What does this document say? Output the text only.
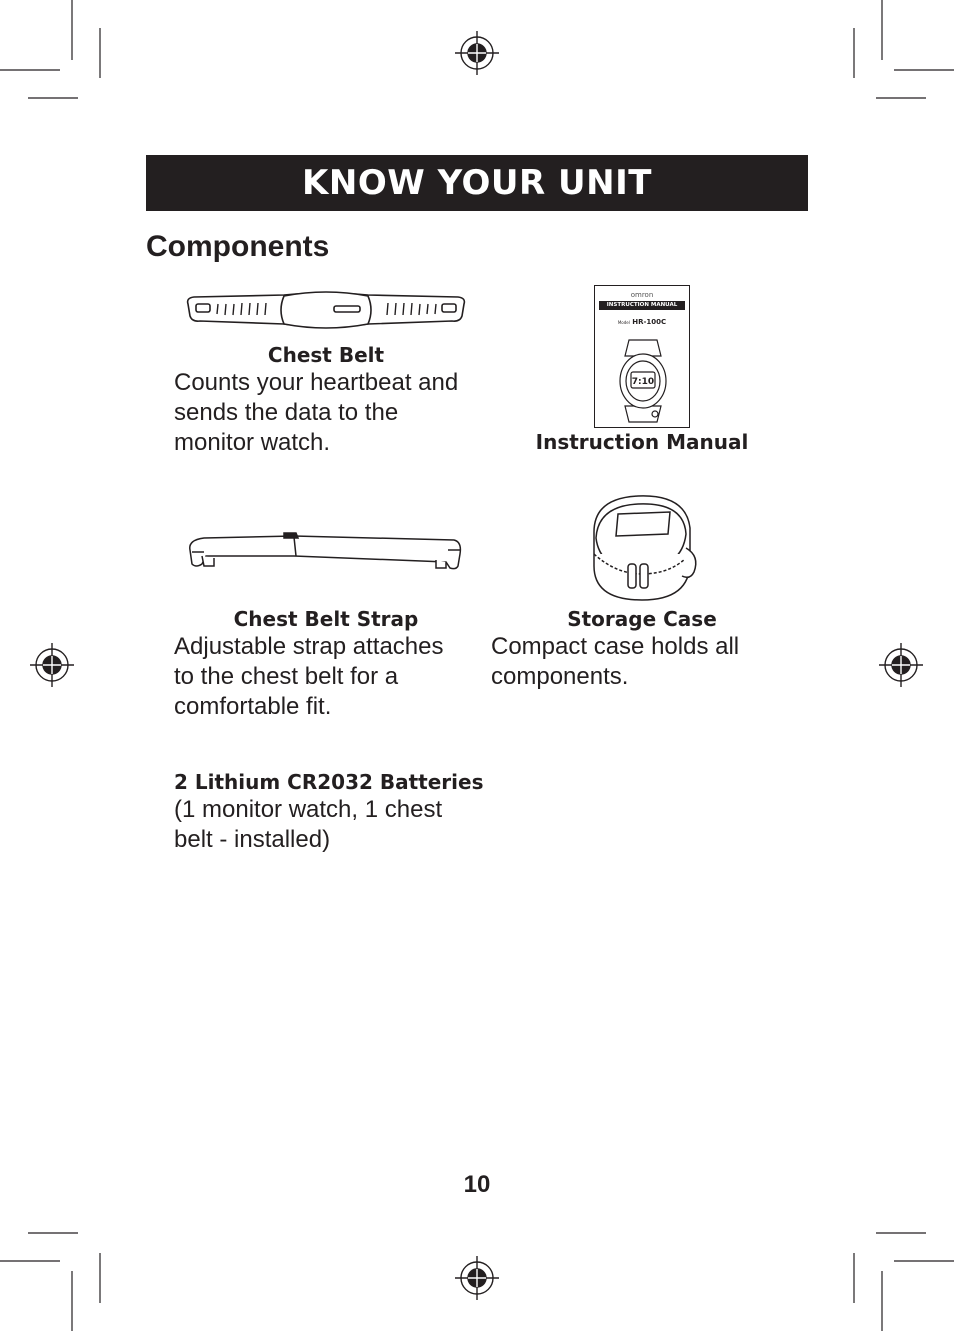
KNOW YOUR UNIT
Components
Chest Belt
Counts your heartbeat and sends the data to the monitor watch.
omron
INSTRUCTION MANUAL
Model HR-100C
7:10
Instruction Manual
Chest Belt Strap
Adjustable strap attaches to the chest belt for a comfortable fit.
Storage Case
Compact case holds all components.
2 Lithium CR2032 Batteries
(1 monitor watch, 1 chest belt - installed)
10
